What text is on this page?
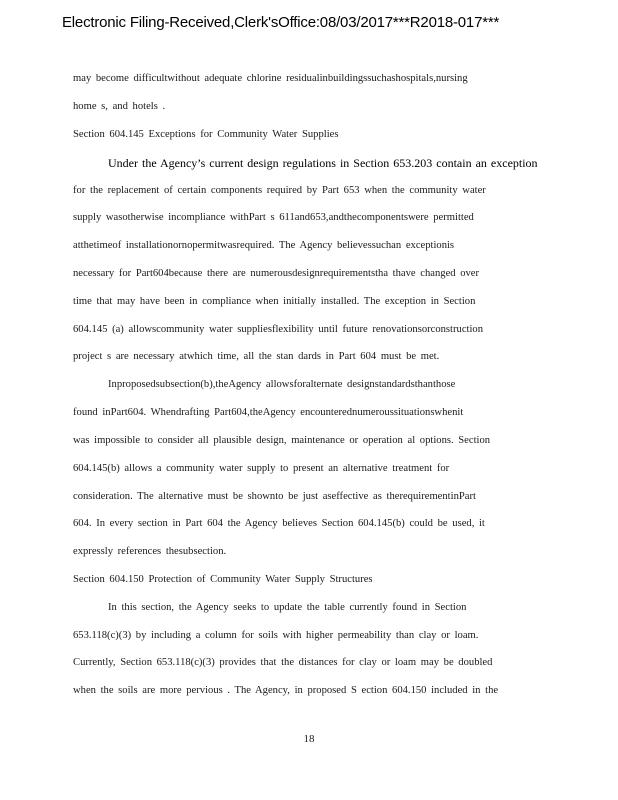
Electronic Filing-Received,Clerk'sOffice:08/03/2017***R2018-017***
may become difficultwithout adequate chlorine residualinbuildingssuchashospitals,nursing
home s, and hotels .
Section 604.145 Exceptions for Community Water Supplies
Under the Agency’s current design regulations in Section 653.203 contain an exception
for the replacement of certain components required by Part 653 when the community water
supply wasotherwise incompliance withPart s 611and653,andthecomponentswere permitted
atthetimeof installationornopermitwasrequired. The Agency believessuchan exceptionis
necessary for Part604because there are numerousdesignrequirementstha thave changed over
time that may have been in compliance when initially installed. The exception in Section
604.145 (a) allowscommunity water suppliesflexibility until future renovationsorconstruction
project s are necessary atwhich time, all the stan dards in Part 604 must be met.
Inproposedsubsection(b),theAgency allowsforalternate designstandardsthanthose
found inPart604. Whendrafting Part604,theAgency encounterednumeroussituationswhenit
was impossible to consider all plausible design, maintenance or operation al options. Section
604.145(b) allows a community water supply to present an alternative treatment for
consideration. The alternative must be shownto be just aseffective as therequirementinPart
604. In every section in Part 604 the Agency believes Section 604.145(b) could be used, it
expressly references thesubsection.
Section 604.150 Protection of Community Water Supply Structures
In this section, the Agency seeks to update the table currently found in Section
653.118(c)(3) by including a column for soils with higher permeability than clay or loam.
Currently, Section 653.118(c)(3) provides that the distances for clay or loam may be doubled
when the soils are more pervious . The Agency, in proposed S ection 604.150 included in the
18
